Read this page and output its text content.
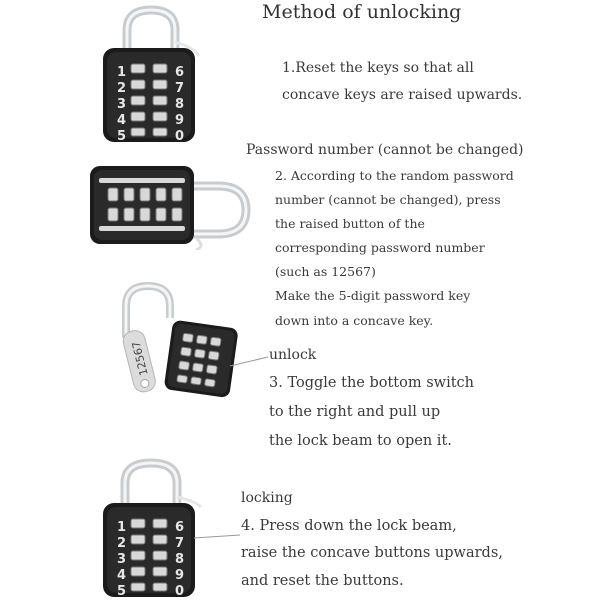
Method of unlocking
1.Reset the keys so that all
concave keys are raised upwards.
Password number (cannot be changed)
2. According to the random password
number (cannot be changed), press
the raised button of the
corresponding password number
(such as 12567)
Make the 5-digit password key
down into a concave key.
unlock
3. Toggle the bottom switch
to the right and pull up
the lock beam to open it.
locking
4. Press down the lock beam,
raise the concave buttons upwards,
and reset the buttons.
1
2
3
4
5
6
7
8
9
0
12567
1
2
3
4
5
6
7
8
9
0
